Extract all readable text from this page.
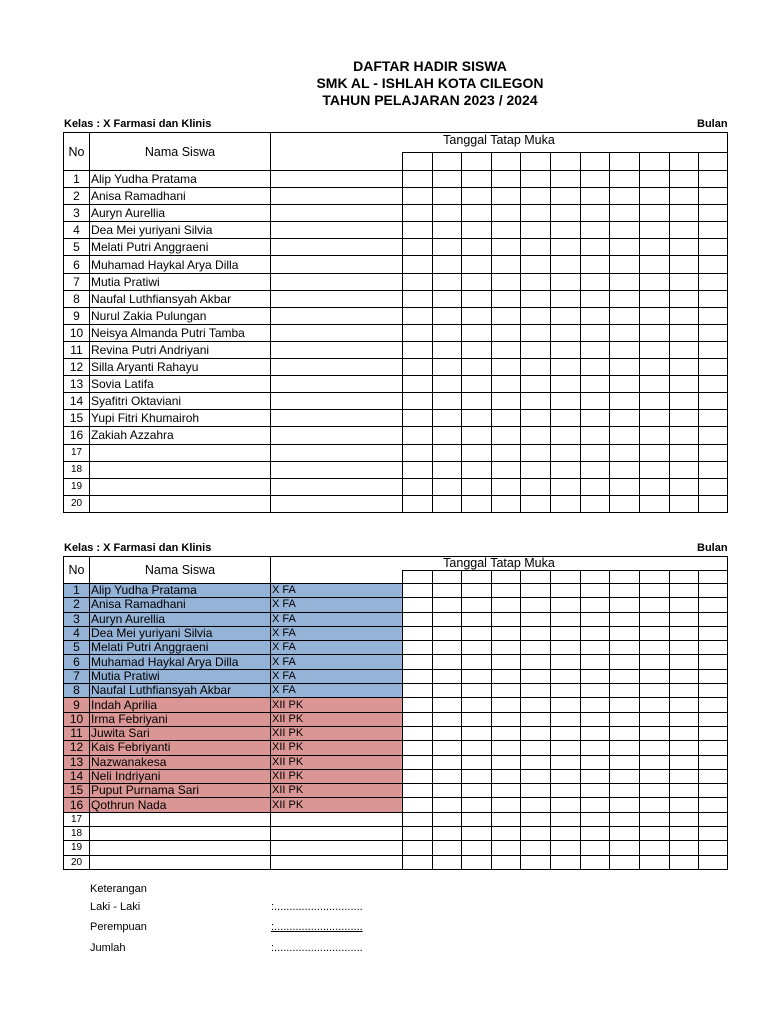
DAFTAR HADIR SISWA
SMK AL - ISHLAH KOTA CILEGON
TAHUN PELAJARAN 2023 / 2024
Kelas : X Farmasi dan Klinis	Bulan
No	Nama Siswa	Tanggal Tatap Muka											

1	Alip Yudha Pratama												
2	Anisa Ramadhani												
3	Auryn Aurellia												
4	Dea Mei yuriyani Silvia												
5	Melati Putri Anggraeni												
6	Muhamad Haykal Arya Dilla												
7	Mutia Pratiwi												
8	Naufal Luthfiansyah Akbar												
9	Nurul Zakia Pulungan												
10	Neisya Almanda Putri Tamba												
11	Revina Putri Andriyani												
12	Silla Aryanti Rahayu												
13	Sovia Latifa												
14	Syafitri Oktaviani												
15	Yupi Fitri Khumairoh												
16	Zakiah Azzahra												
17													
18													
19													
20													
Kelas : X Farmasi dan Klinis	Bulan
No	Nama Siswa	Tanggal Tatap Muka											

1	Alip Yudha Pratama	X FA											
2	Anisa Ramadhani	X FA											
3	Auryn Aurellia	X FA											
4	Dea Mei yuriyani Silvia	X FA											
5	Melati Putri Anggraeni	X FA											
6	Muhamad Haykal Arya Dilla	X FA											
7	Mutia Pratiwi	X FA											
8	Naufal Luthfiansyah Akbar	X FA											
9	Indah Aprilia	XII PK											
10	Irma Febriyani	XII PK											
11	Juwita Sari	XII PK											
12	Kais Febriyanti	XII PK											
13	Nazwanakesa	XII PK											
14	Neli Indriyani	XII PK											
15	Puput Purnama Sari	XII PK											
16	Qothrun Nada	XII PK											
17													
18													
19													
20													
Keterangan
Laki - Laki	:.............................
Perempuan	:.............................
Jumlah	:.............................
